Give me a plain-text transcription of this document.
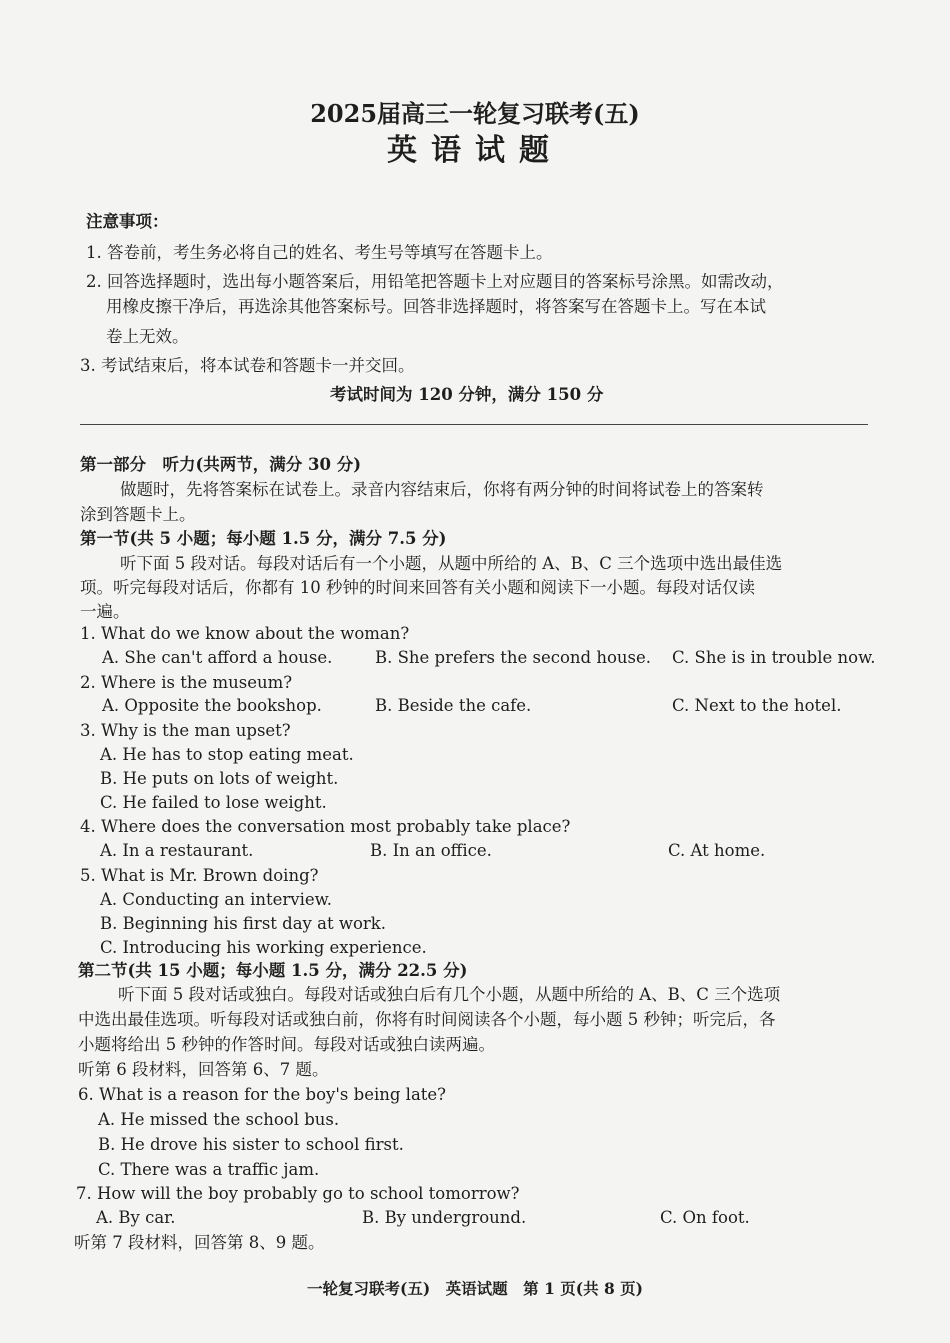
2025届高三一轮复习联考(五)
英语试题
注意事项：
1. 答卷前，考生务必将自己的姓名、考生号等填写在答题卡上。
2. 回答选择题时，选出每小题答案后，用铅笔把答题卡上对应题目的答案标号涂黑。如需改动，
用橡皮擦干净后，再选涂其他答案标号。回答非选择题时，将答案写在答题卡上。写在本试
卷上无效。
3. 考试结束后，将本试卷和答题卡一并交回。
考试时间为 120 分钟，满分 150 分
第一部分　听力(共两节，满分 30 分)
做题时，先将答案标在试卷上。录音内容结束后，你将有两分钟的时间将试卷上的答案转
涂到答题卡上。
第一节(共 5 小题；每小题 1.5 分，满分 7.5 分)
听下面 5 段对话。每段对话后有一个小题，从题中所给的 A、B、C 三个选项中选出最佳选
项。听完每段对话后，你都有 10 秒钟的时间来回答有关小题和阅读下一小题。每段对话仅读
一遍。
1. What do we know about the woman?
A. She can't afford a house.	B. She prefers the second house. C. She is in trouble now.
2. Where is the museum?
A. Opposite the bookshop.	B. Beside the cafe.	C. Next to the hotel.
3. Why is the man upset?
A. He has to stop eating meat.
B. He puts on lots of weight.
C. He failed to lose weight.
4. Where does the conversation most probably take place?
A. In a restaurant.	B. In an office.	C. At home.
5. What is Mr. Brown doing?
A. Conducting an interview.
B. Beginning his first day at work.
C. Introducing his working experience.
第二节(共 15 小题；每小题 1.5 分，满分 22.5 分)
听下面 5 段对话或独白。每段对话或独白后有几个小题，从题中所给的 A、B、C 三个选项
中选出最佳选项。听每段对话或独白前，你将有时间阅读各个小题，每小题 5 秒钟；听完后，各
小题将给出 5 秒钟的作答时间。每段对话或独白读两遍。
听第 6 段材料，回答第 6、7 题。
6. What is a reason for the boy's being late?
A. He missed the school bus.
B. He drove his sister to school first.
C. There was a traffic jam.
7. How will the boy probably go to school tomorrow?
A. By car.	B. By underground.	C. On foot.
听第 7 段材料，回答第 8、9 题。
一轮复习联考(五)　英语试题　第 1 页(共 8 页)
